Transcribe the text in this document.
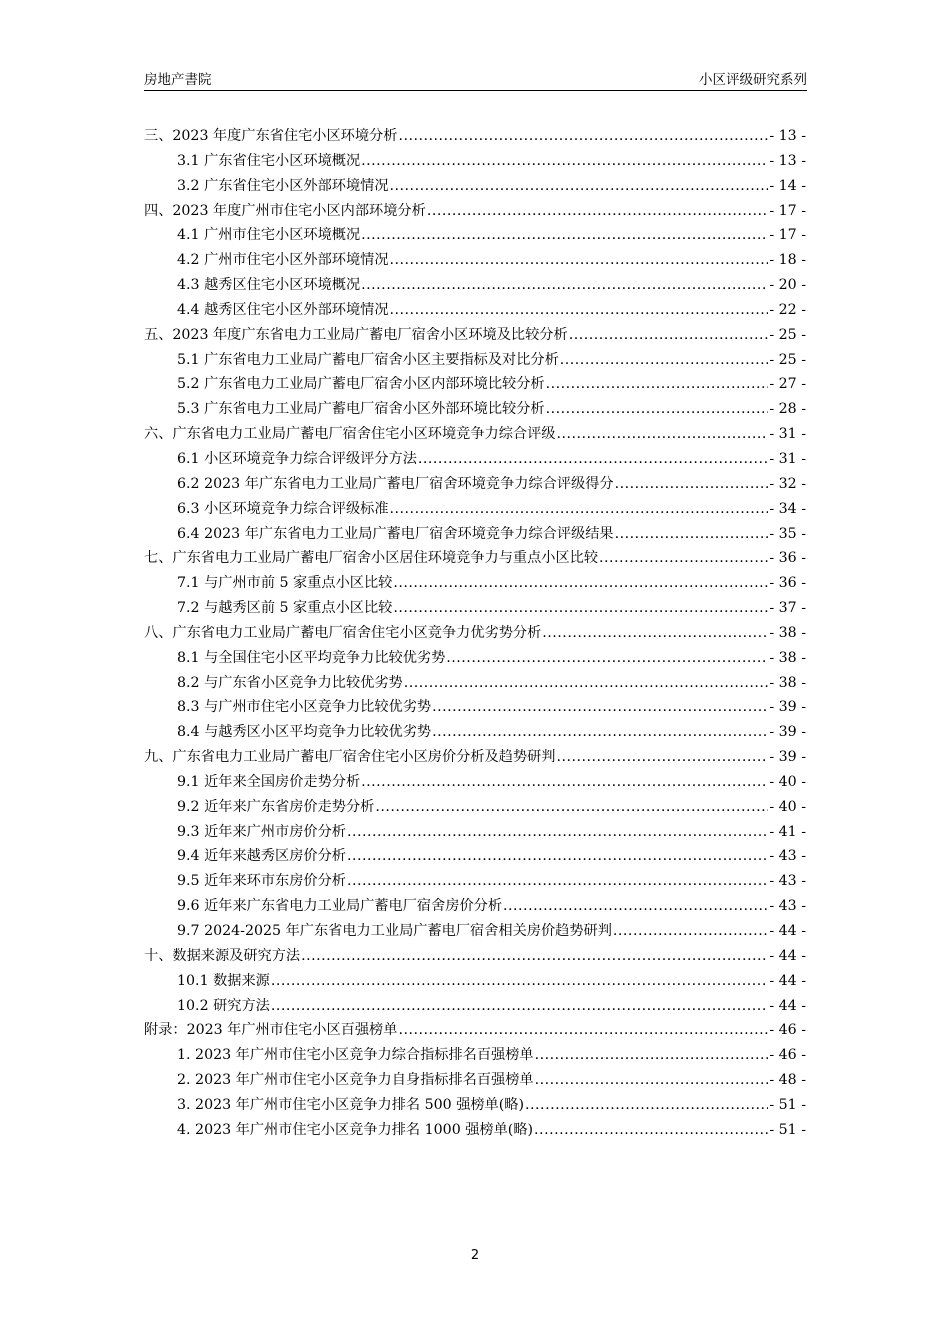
房地产書院	小区评级研究系列
三、2023 年度广东省住宅小区环境分析 .....	- 13 -
3.1 广东省住宅小区环境概况 .....	- 13 -
3.2 广东省住宅小区外部环境情况 .....	- 14 -
四、2023 年度广州市住宅小区内部环境分析 .....	- 17 -
4.1 广州市住宅小区环境概况 .....	- 17 -
4.2 广州市住宅小区外部环境情况 .....	- 18 -
4.3 越秀区住宅小区环境概况 .....	- 20 -
4.4 越秀区住宅小区外部环境情况 .....	- 22 -
五、2023 年度广东省电力工业局广蓄电厂宿舍小区环境及比较分析 .....	- 25 -
5.1 广东省电力工业局广蓄电厂宿舍小区主要指标及对比分析 .....	- 25 -
5.2 广东省电力工业局广蓄电厂宿舍小区内部环境比较分析 .....	- 27 -
5.3 广东省电力工业局广蓄电厂宿舍小区外部环境比较分析 .....	- 28 -
六、广东省电力工业局广蓄电厂宿舍住宅小区环境竞争力综合评级 .....	- 31 -
6.1 小区环境竞争力综合评级评分方法 .....	- 31 -
6.2 2023 年广东省电力工业局广蓄电厂宿舍环境竞争力综合评级得分 .....	- 32 -
6.3 小区环境竞争力综合评级标准 .....	- 34 -
6.4 2023 年广东省电力工业局广蓄电厂宿舍环境竞争力综合评级结果 .....	- 35 -
七、广东省电力工业局广蓄电厂宿舍小区居住环境竞争力与重点小区比较 .....	- 36 -
7.1 与广州市前 5 家重点小区比较 .....	- 36 -
7.2 与越秀区前 5 家重点小区比较 .....	- 37 -
八、广东省电力工业局广蓄电厂宿舍住宅小区竞争力优劣势分析 .....	- 38 -
8.1 与全国住宅小区平均竞争力比较优劣势 .....	- 38 -
8.2 与广东省小区竞争力比较优劣势 .....	- 38 -
8.3 与广州市住宅小区竞争力比较优劣势 .....	- 39 -
8.4 与越秀区小区平均竞争力比较优劣势 .....	- 39 -
九、广东省电力工业局广蓄电厂宿舍住宅小区房价分析及趋势研判 .....	- 39 -
9.1 近年来全国房价走势分析 .....	- 40 -
9.2 近年来广东省房价走势分析 .....	- 40 -
9.3 近年来广州市房价分析 .....	- 41 -
9.4 近年来越秀区房价分析 .....	- 43 -
9.5 近年来环市东房价分析 .....	- 43 -
9.6 近年来广东省电力工业局广蓄电厂宿舍房价分析 .....	- 43 -
9.7 2024-2025 年广东省电力工业局广蓄电厂宿舍相关房价趋势研判 .....	- 44 -
十、数据来源及研究方法 .....	- 44 -
10.1 数据来源 .....	- 44 -
10.2 研究方法 .....	- 44 -
附录：2023 年广州市住宅小区百强榜单 .....	- 46 -
1. 2023 年广州市住宅小区竞争力综合指标排名百强榜单 .....	- 46 -
2. 2023 年广州市住宅小区竞争力自身指标排名百强榜单 .....	- 48 -
3. 2023 年广州市住宅小区竞争力排名 500 强榜单(略) .....	- 51 -
4. 2023 年广州市住宅小区竞争力排名 1000 强榜单(略) .....	- 51 -
2
